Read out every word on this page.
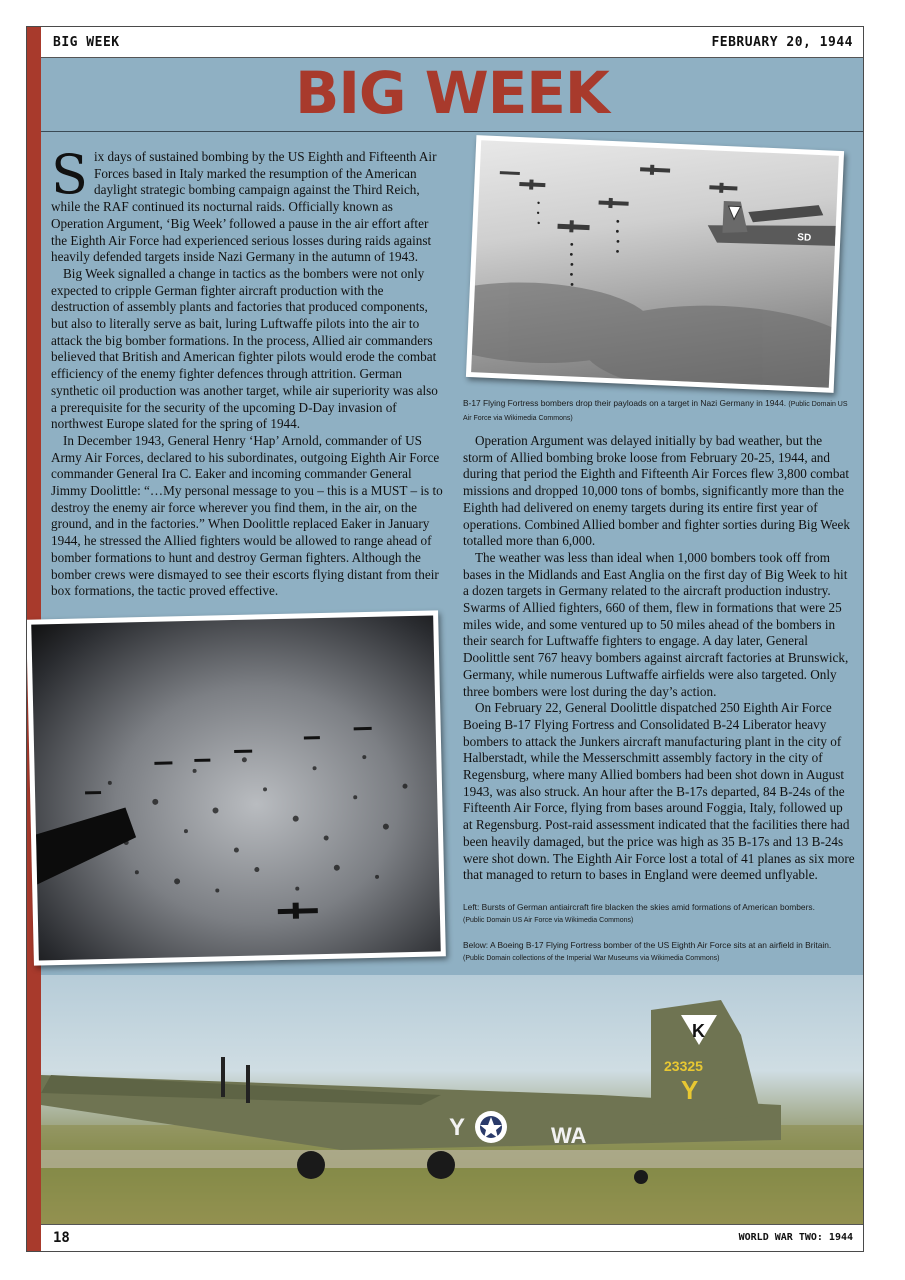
BIG WEEK	FEBRUARY 20, 1944
BIG WEEK
SD
B-17 Flying Fortress bombers drop their payloads on a target in Nazi Germany in 1944. (Public Domain US Air Force via Wikimedia Commons)

Six days of sustained bombing by the US Eighth and Fifteenth Air Forces based in Italy marked the resumption of the American daylight strategic bombing campaign against the Third Reich, while the RAF continued its nocturnal raids. Officially known as Operation Argument, ‘Big Week’ followed a pause in the air effort after the Eighth Air Force had experienced serious losses during raids against heavily defended targets inside Nazi Germany in the autumn of 1943.

Big Week signalled a change in tactics as the bombers were not only expected to cripple German fighter aircraft production with the destruction of assembly plants and factories that produced components, but also to literally serve as bait, luring Luftwaffe pilots into the air to attack the big bomber formations. In the process, Allied air commanders believed that British and American fighter pilots would erode the combat efficiency of the enemy fighter defences through attrition. German synthetic oil production was another target, while air superiority was also a prerequisite for the security of the upcoming D-Day invasion of northwest Europe slated for the spring of 1944.

In December 1943, General Henry ‘Hap’ Arnold, commander of US Army Air Forces, declared to his subordinates, outgoing Eighth Air Force commander General Ira C. Eaker and incoming commander General Jimmy Doolittle: “…My personal message to you – this is a MUST – is to destroy the enemy air force wherever you find them, in the air, on the ground, and in the factories.” When Doolittle replaced Eaker in January 1944, he stressed the Allied fighters would be allowed to range ahead of bomber formations to hunt and destroy German fighters. Although the bomber crews were dismayed to see their escorts flying distant from their box formations, the tactic proved effective.

Operation Argument was delayed initially by bad weather, but the storm of Allied bombing broke loose from February 20-25, 1944, and during that period the Eighth and Fifteenth Air Forces flew 3,800 combat missions and dropped 10,000 tons of bombs, significantly more than the Eighth had delivered on enemy targets during its entire first year of operations. Combined Allied bomber and fighter sorties during Big Week totalled more than 6,000.

The weather was less than ideal when 1,000 bombers took off from bases in the Midlands and East Anglia on the first day of Big Week to hit a dozen targets in Germany related to the aircraft production industry. Swarms of Allied fighters, 660 of them, flew in formations that were 25 miles wide, and some ventured up to 50 miles ahead of the bombers in their search for Luftwaffe fighters to engage. A day later, General Doolittle sent 767 heavy bombers against aircraft factories at Brunswick, Germany, while numerous Luftwaffe airfields were also targeted. Only three bombers were lost during the day’s action.

On February 22, General Doolittle dispatched 250 Eighth Air Force Boeing B-17 Flying Fortress and Consolidated B-24 Liberator heavy bombers to attack the Junkers aircraft manufacturing plant in the city of Halberstadt, while the Messerschmitt assembly factory in the city of Regensburg, where many Allied bombers had been shot down in August 1943, was also struck. An hour after the B-17s departed, 84 B-24s of the Fifteenth Air Force, flying from bases around Foggia, Italy, followed up at Regensburg. Post-raid assessment indicated that the facilities there had been heavily damaged, but the price was high as 35 B-17s and 13 B-24s were shot down. The Eighth Air Force lost a total of 41 planes as six more that managed to return to bases in England were deemed unflyable.

Left: Bursts of German antiaircraft fire blacken the skies amid formations of American bombers.
(Public Domain US Air Force via Wikimedia Commons)
Below: A Boeing B-17 Flying Fortress bomber of the US Eighth Air Force sits at an airfield in Britain.
(Public Domain collections of the Imperial War Museums via Wikimedia Commons)
K
23325
Y
Y	WA
18	WORLD WAR TWO: 1944
